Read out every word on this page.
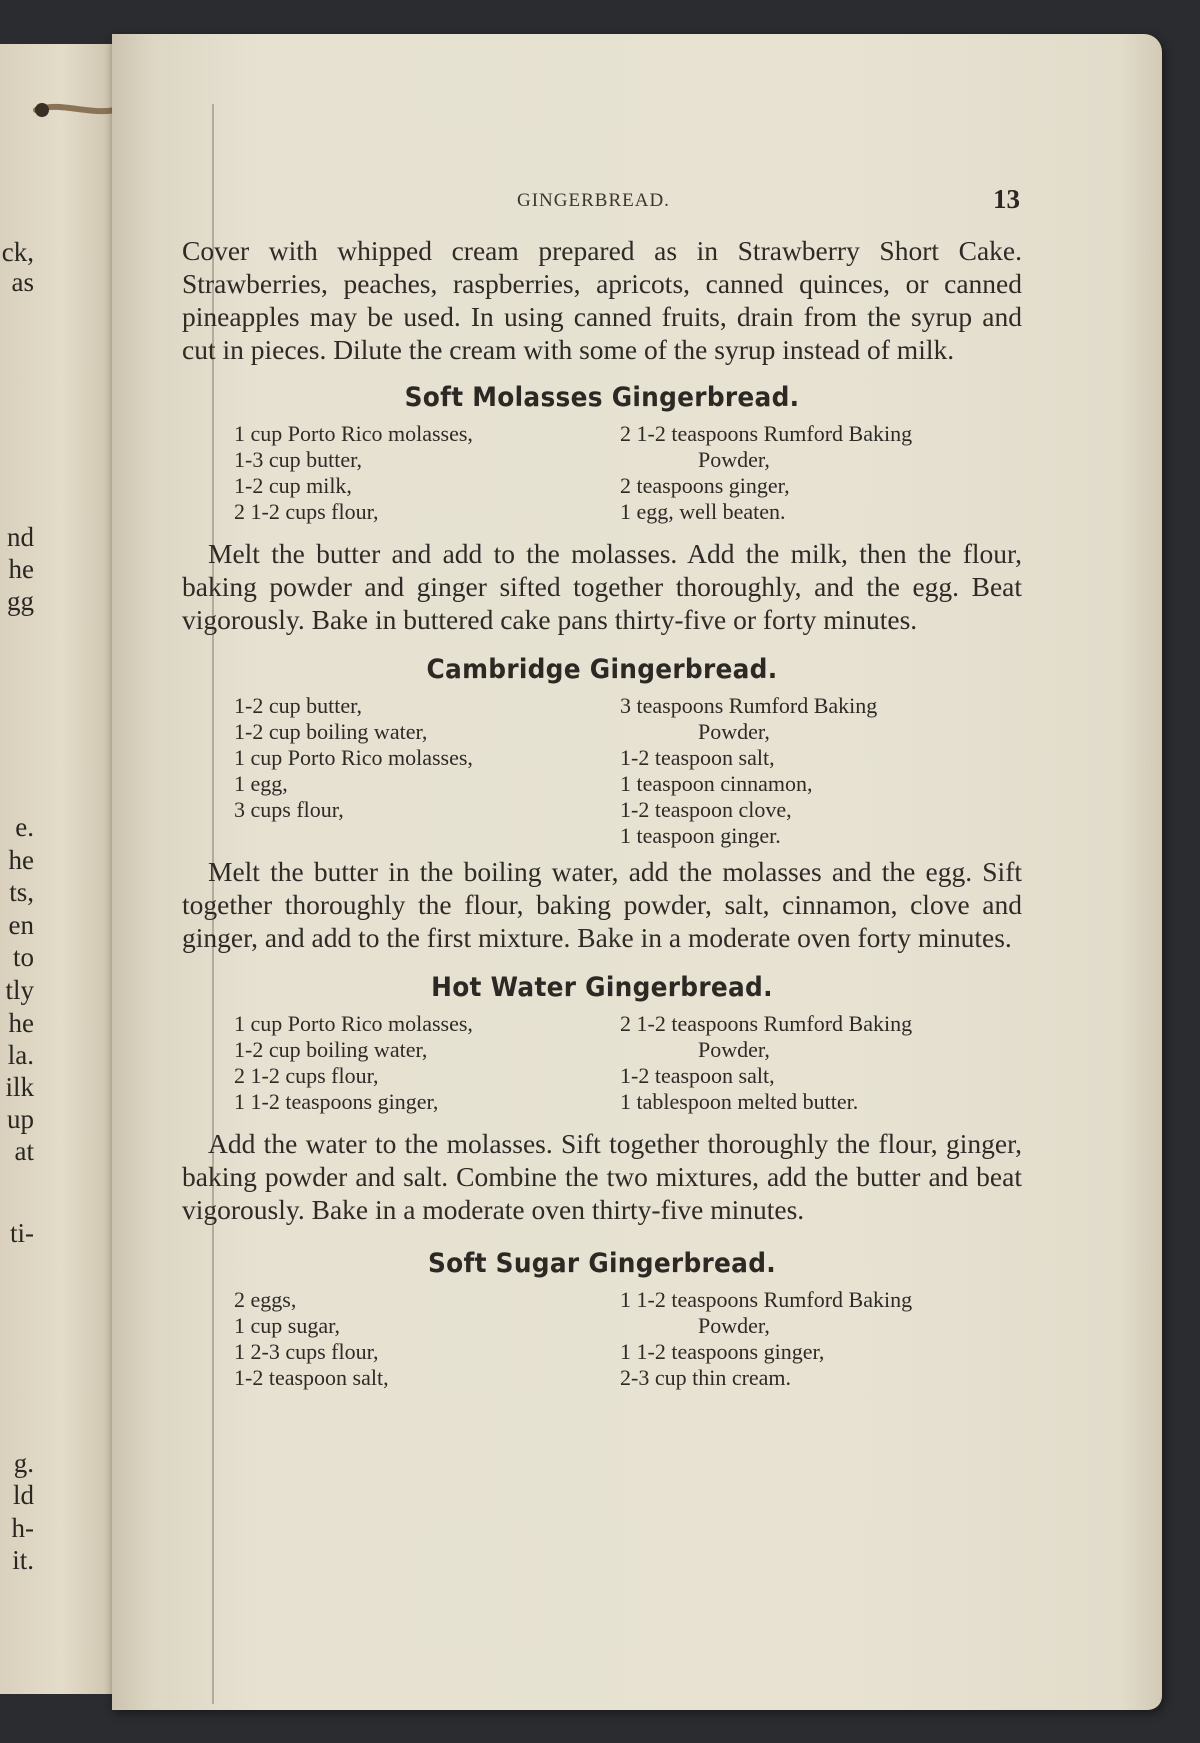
ck,
as
nd
he
gg
e.
he
ts,
en
to
tly
he
la.
ilk
up
at
ti-
g.
ld
h-
it.
GINGERBREAD.	13

Cover with whipped cream prepared as in Strawberry Short Cake. Strawberries, peaches, raspberries, apricots, canned quinces, or canned pineapples may be used. In using canned fruits, drain from the syrup and cut in pieces. Dilute the cream with some of the syrup instead of milk.

Soft Molasses Gingerbread.
1 cup Porto Rico molasses,
1-3 cup butter,
1-2 cup milk,
2 1-2 cups flour,
2 1-2 teaspoons Rumford Baking
Powder,
2 teaspoons ginger,
1 egg, well beaten.

Melt the butter and add to the molasses. Add the milk, then the flour, baking powder and ginger sifted together thoroughly, and the egg. Beat vigorously. Bake in buttered cake pans thirty-five or forty minutes.

Cambridge Gingerbread.
1-2 cup butter,
1-2 cup boiling water,
1 cup Porto Rico molasses,
1 egg,
3 cups flour,
3 teaspoons Rumford Baking
Powder,
1-2 teaspoon salt,
1 teaspoon cinnamon,
1-2 teaspoon clove,
1 teaspoon ginger.

Melt the butter in the boiling water, add the molasses and the egg. Sift together thoroughly the flour, baking powder, salt, cinnamon, clove and ginger, and add to the first mixture. Bake in a moderate oven forty minutes.

Hot Water Gingerbread.
1 cup Porto Rico molasses,
1-2 cup boiling water,
2 1-2 cups flour,
1 1-2 teaspoons ginger,
2 1-2 teaspoons Rumford Baking
Powder,
1-2 teaspoon salt,
1 tablespoon melted butter.

Add the water to the molasses. Sift together thoroughly the flour, ginger, baking powder and salt. Combine the two mixtures, add the butter and beat vigorously. Bake in a moderate oven thirty-five minutes.

Soft Sugar Gingerbread.
2 eggs,
1 cup sugar,
1 2-3 cups flour,
1-2 teaspoon salt,
1 1-2 teaspoons Rumford Baking
Powder,
1 1-2 teaspoons ginger,
2-3 cup thin cream.
